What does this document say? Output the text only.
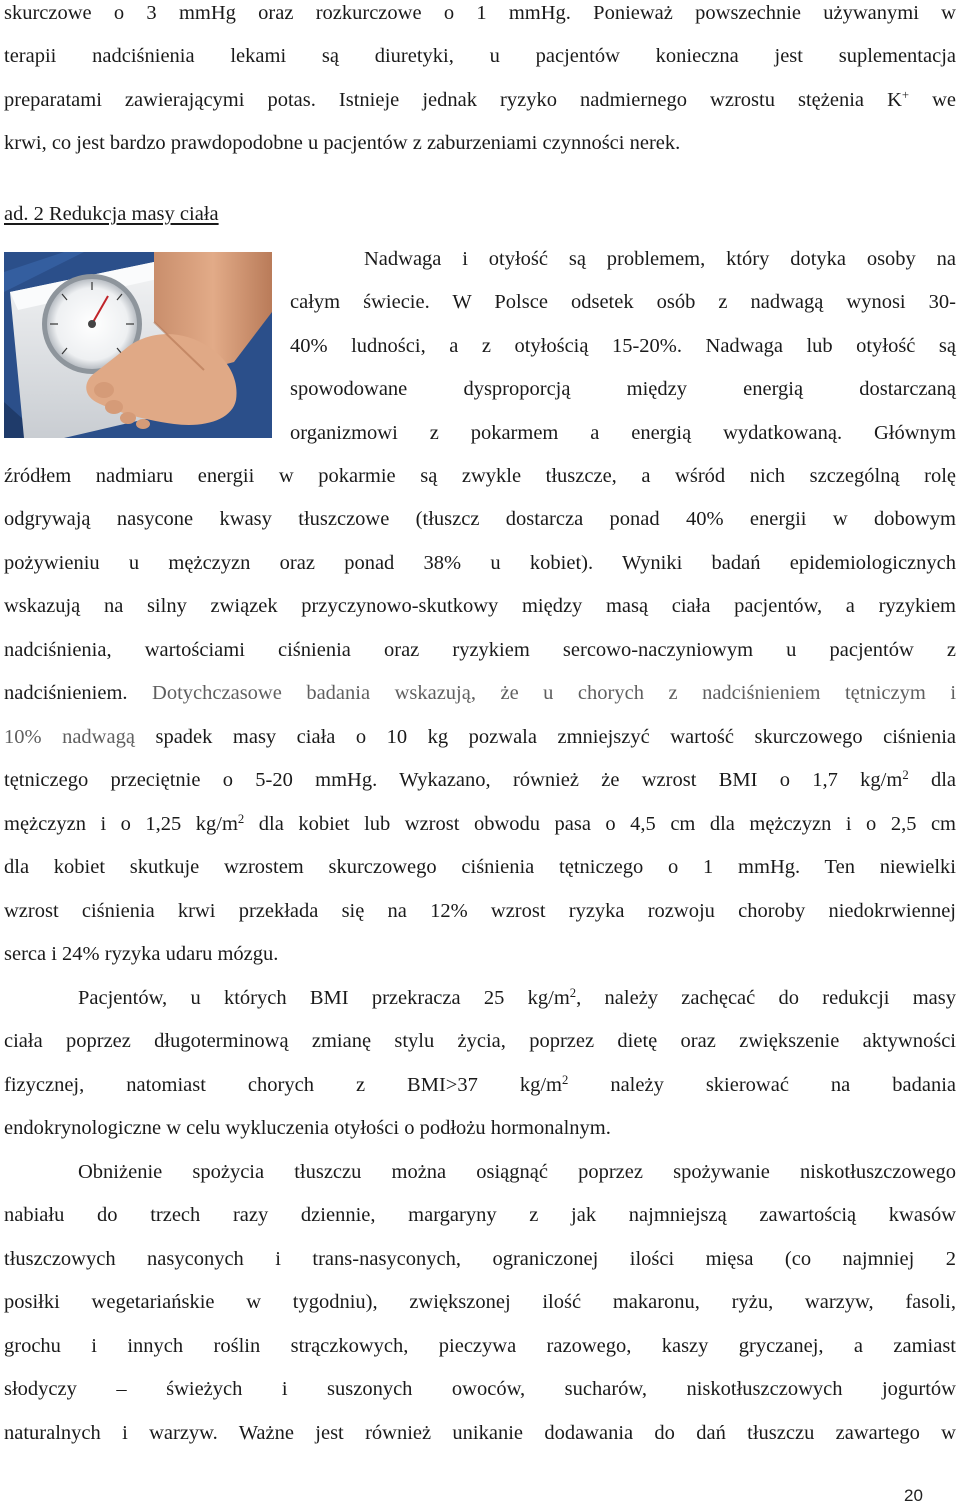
skurczowe o 3 mmHg oraz rozkurczowe o 1 mmHg. Ponieważ powszechnie używanymi w
terapii nadciśnienia lekami są diuretyki, u pacjentów konieczna jest suplementacja
preparatami zawierającymi potas. Istnieje jednak ryzyko nadmiernego wzrostu stężenia K+ we
krwi, co jest bardzo prawdopodobne u pacjentów z zaburzeniami czynności nerek.
ad. 2 Redukcja masy ciała
Nadwaga i otyłość są problemem, który dotyka osoby na
całym świecie. W Polsce odsetek osób z nadwagą wynosi 30-
40% ludności, a z otyłością 15-20%. Nadwaga lub otyłość są
spowodowane dysproporcją między energią dostarczaną
organizmowi z pokarmem a energią wydatkowaną. Głównym
źródłem nadmiaru energii w pokarmie są zwykle tłuszcze, a wśród nich szczególną rolę
odgrywają nasycone kwasy tłuszczowe (tłuszcz dostarcza ponad 40% energii w dobowym
pożywieniu u mężczyzn oraz ponad 38% u kobiet). Wyniki badań epidemiologicznych
wskazują na silny związek przyczynowo-skutkowy między masą ciała pacjentów, a ryzykiem
nadciśnienia, wartościami ciśnienia oraz ryzykiem sercowo-naczyniowym u pacjentów z
nadciśnieniem. Dotychczasowe badania wskazują, że u chorych z nadciśnieniem tętniczym i
10% nadwagą spadek masy ciała o 10 kg pozwala zmniejszyć wartość skurczowego ciśnienia
tętniczego przeciętnie o 5-20 mmHg. Wykazano, również że wzrost BMI o 1,7 $kg/m^2$ dla
mężczyzn i o 1,25 $kg/m^2$ dla kobiet lub wzrost obwodu pasa o 4,5 cm dla mężczyzn i o 2,5 cm
dla kobiet skutkuje wzrostem skurczowego ciśnienia tętniczego o 1 mmHg. Ten niewielki
wzrost ciśnienia krwi przekłada się na 12% wzrost ryzyka rozwoju choroby niedokrwiennej
serca i 24% ryzyka udaru mózgu.
Pacjentów, u których BMI przekracza 25 $kg/m^2$, należy zachęcać do redukcji masy
ciała poprzez długoterminową zmianę stylu życia, poprzez dietę oraz zwiększenie aktywności
fizycznej, natomiast chorych z BMI>37 $kg/m^2$ należy skierować na badania
endokrynologiczne w celu wykluczenia otyłości o podłożu hormonalnym.
Obniżenie spożycia tłuszczu można osiągnąć poprzez spożywanie niskotłuszczowego
nabiału do trzech razy dziennie, margaryny z jak najmniejszą zawartością kwasów
tłuszczowych nasyconych i trans-nasyconych, ograniczonej ilości mięsa (co najmniej 2
posiłki wegetariańskie w tygodniu), zwiększonej ilość makaronu, ryżu, warzyw, fasoli,
grochu i innych roślin strączkowych, pieczywa razowego, kaszy gryczanej, a zamiast
słodyczy – świeżych i suszonych owoców, sucharów, niskotłuszczowych jogurtów
naturalnych i warzyw. Ważne jest również unikanie dodawania do dań tłuszczu zawartego w
20
